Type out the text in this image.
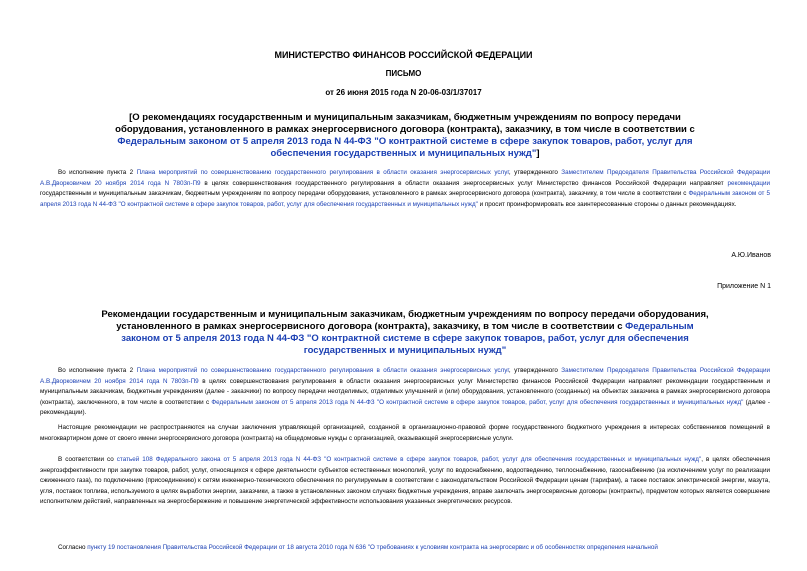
МИНИСТЕРСТВО ФИНАНСОВ РОССИЙСКОЙ ФЕДЕРАЦИИ
ПИСЬМО
от 26 июня 2015 года N 20-06-03/1/37017
[О рекомендациях государственным и муниципальным заказчикам, бюджетным учреждениям по вопросу передачи оборудования, установленного в рамках энергосервисного договора (контракта), заказчику, в том числе в соответствии с Федеральным законом от 5 апреля 2013 года N 44-ФЗ "О контрактной системе в сфере закупок товаров, работ, услуг для обеспечения государственных и муниципальных нужд"]
Во исполнение пункта 2 Плана мероприятий по совершенствованию государственного регулирования в области оказания энергосервисных услуг, утвержденного Заместителем Председателя Правительства Российской Федерации А.В.Дворковичем 20 ноября 2014 года N 7803п-П9 в целях совершенствования государственного регулирования в области оказания энергосервисных услуг Министерство финансов Российской Федерации направляет рекомендации государственным и муниципальным заказчикам, бюджетным учреждениям по вопросу передачи оборудования, установленного в рамках энергосервисного договора (контракта), заказчику, в том числе в соответствии с Федеральным законом от 5 апреля 2013 года N 44-ФЗ "О контрактной системе в сфере закупок товаров, работ, услуг для обеспечения государственных и муниципальных нужд" и просит проинформировать все заинтересованные стороны о данных рекомендациях.
А.Ю.Иванов
Приложение N 1
Рекомендации государственным и муниципальным заказчикам, бюджетным учреждениям по вопросу передачи оборудования, установленного в рамках энергосервисного договора (контракта), заказчику, в том числе в соответствии с Федеральным законом от 5 апреля 2013 года N 44-ФЗ "О контрактной системе в сфере закупок товаров, работ, услуг для обеспечения государственных и муниципальных нужд"
Во исполнение пункта 2 Плана мероприятий по совершенствованию государственного регулирования в области оказания энергосервисных услуг, утвержденного Заместителем Председателя Правительства Российской Федерации А.В.Дворковичем 20 ноября 2014 года N 7803п-П9 в целях совершенствования регулирования в области оказания энергосервисных услуг Министерство финансов Российской Федерации направляет рекомендации государственным и муниципальным заказчикам, бюджетным учреждениям (далее - заказчики) по вопросу передачи неотделимых, отделимых улучшений и (или) оборудования, установленного (созданных) на объектах заказчика в рамках энергосервисного договора (контракта), заключенного, в том числе в соответствии с Федеральным законом от 5 апреля 2013 года N 44-ФЗ "О контрактной системе в сфере закупок товаров, работ, услуг для обеспечения государственных и муниципальных нужд" (далее - рекомендации).
Настоящие рекомендации не распространяются на случаи заключения управляющей организацией, созданной в организационно-правовой форме государственного бюджетного учреждения в интересах собственников помещений в многоквартирном доме от своего имени энергосервисного договора (контракта) на общедомовые нужды с организацией, оказывающей энергосервисные услуги.
В соответствии со статьей 108 Федерального закона от 5 апреля 2013 года N 44-ФЗ "О контрактной системе в сфере закупок товаров, работ, услуг для обеспечения государственных и муниципальных нужд", в целях обеспечения энергоэффективности при закупке товаров, работ, услуг, относящихся к сфере деятельности субъектов естественных монополий, услуг по водоснабжению, водоотведению, теплоснабжению, газоснабжению (за исключением услуг по реализации сжиженного газа), по подключению (присоединению) к сетям инженерно-технического обеспечения по регулируемым в соответствии с законодательством Российской Федерации ценам (тарифам), а также поставок электрической энергии, мазута, угля, поставок топлива, используемого в целях выработки энергии, заказчики, а также в установленных законом случаях бюджетные учреждения, вправе заключать энергосервисные договоры (контракты), предметом которых является совершение исполнителем действий, направленных на энергосбережение и повышение энергетической эффективности использования указанных энергетических ресурсов.
Согласно пункту 19 постановления Правительства Российской Федерации от 18 августа 2010 года N 636 "О требованиях к условиям контракта на энергосервис и об особенностях определения начальной
